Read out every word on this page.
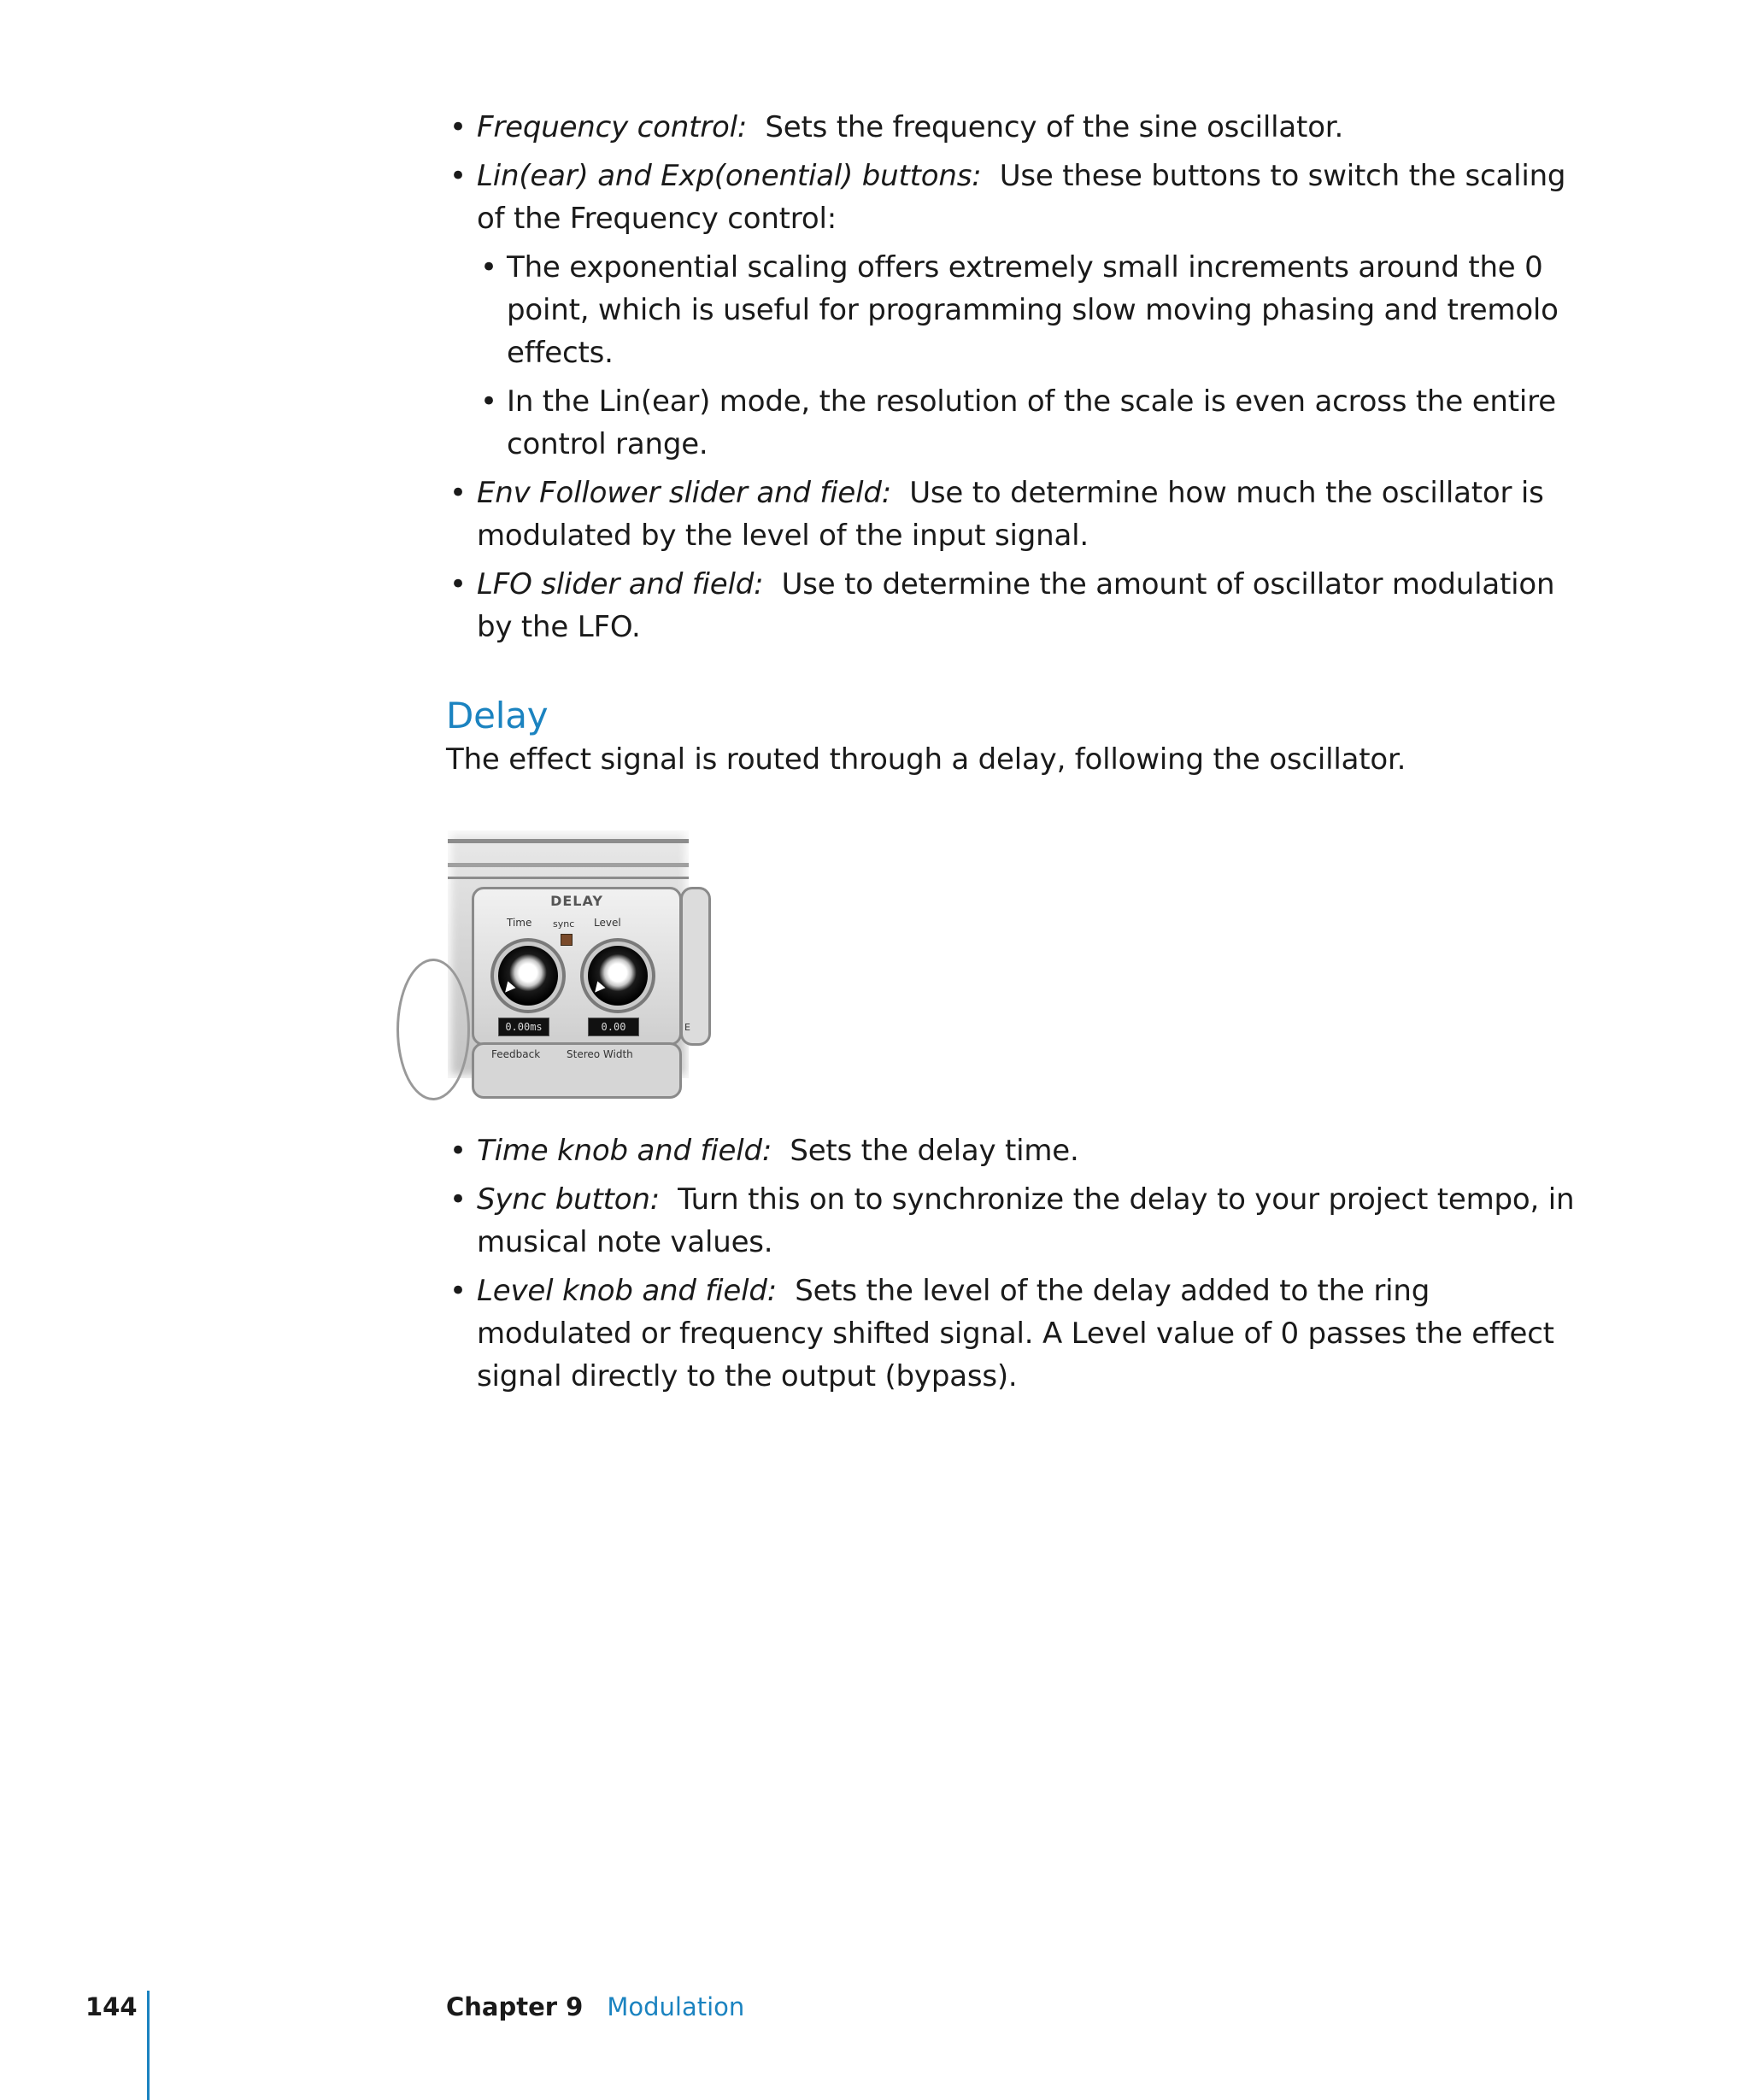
• Frequency control: Sets the frequency of the sine oscillator.
• Lin(ear) and Exp(onential) buttons: Use these buttons to switch the scaling of the Frequency control:
• The exponential scaling offers extremely small increments around the 0 point, which is useful for programming slow moving phasing and tremolo effects.
• In the Lin(ear) mode, the resolution of the scale is even across the entire control range.
• Env Follower slider and field: Use to determine how much the oscillator is modulated by the level of the input signal.
• LFO slider and field: Use to determine the amount of oscillator modulation by the LFO.
Delay

The effect signal is routed through a delay, following the oscillator.

DELAY
Time sync Level
0.00ms	0.00	E
Feedback	Stereo Width
• Time knob and field: Sets the delay time.
• Sync button: Turn this on to synchronize the delay to your project tempo, in musical note values.
• Level knob and field: Sets the level of the delay added to the ring modulated or frequency shifted signal. A Level value of 0 passes the effect signal directly to the output (bypass).
144	Chapter 9 Modulation
